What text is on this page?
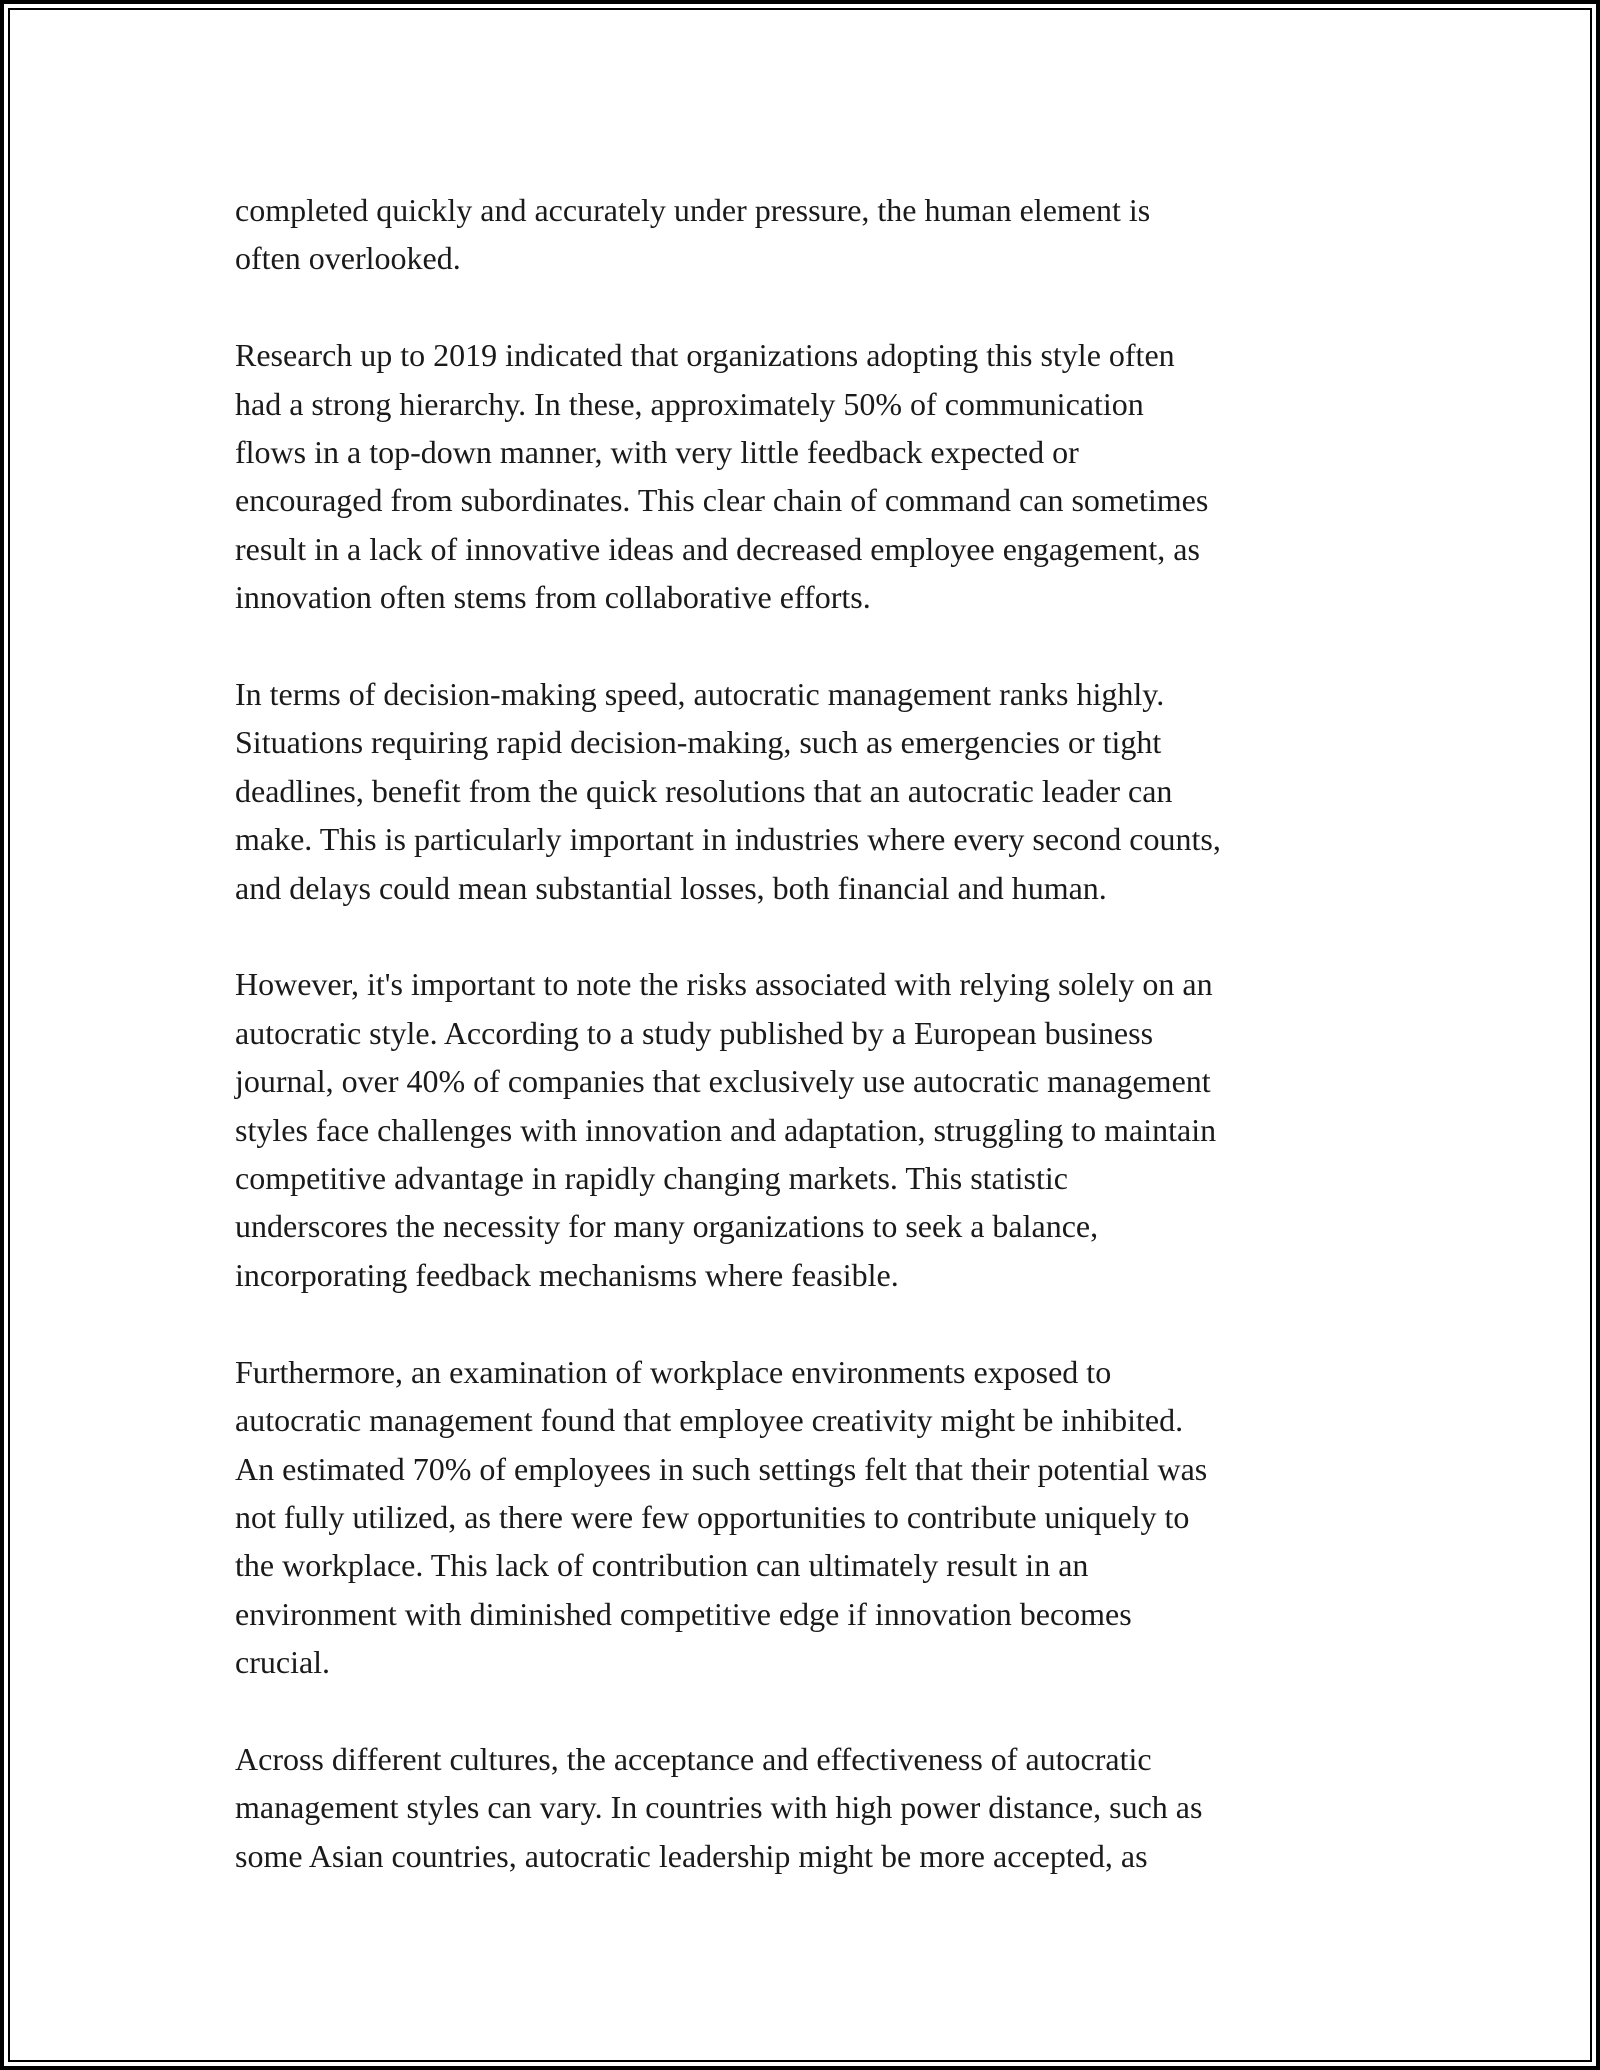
completed quickly and accurately under pressure, the human element is
often overlooked.

Research up to 2019 indicated that organizations adopting this style often
had a strong hierarchy. In these, approximately 50% of communication
flows in a top-down manner, with very little feedback expected or
encouraged from subordinates. This clear chain of command can sometimes
result in a lack of innovative ideas and decreased employee engagement, as
innovation often stems from collaborative efforts.

In terms of decision-making speed, autocratic management ranks highly.
Situations requiring rapid decision-making, such as emergencies or tight
deadlines, benefit from the quick resolutions that an autocratic leader can
make. This is particularly important in industries where every second counts,
and delays could mean substantial losses, both financial and human.

However, it's important to note the risks associated with relying solely on an
autocratic style. According to a study published by a European business
journal, over 40% of companies that exclusively use autocratic management
styles face challenges with innovation and adaptation, struggling to maintain
competitive advantage in rapidly changing markets. This statistic
underscores the necessity for many organizations to seek a balance,
incorporating feedback mechanisms where feasible.

Furthermore, an examination of workplace environments exposed to
autocratic management found that employee creativity might be inhibited.
An estimated 70% of employees in such settings felt that their potential was
not fully utilized, as there were few opportunities to contribute uniquely to
the workplace. This lack of contribution can ultimately result in an
environment with diminished competitive edge if innovation becomes
crucial.

Across different cultures, the acceptance and effectiveness of autocratic
management styles can vary. In countries with high power distance, such as
some Asian countries, autocratic leadership might be more accepted, as
